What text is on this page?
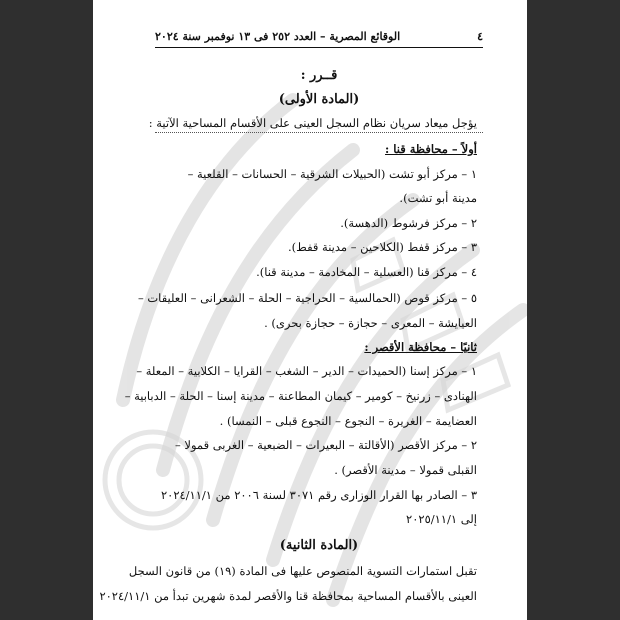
٤
الوقائع المصرية – العدد ٢٥٢ فى ١٣ نوفمبر سنة ٢٠٢٤
قــرر :
(المادة الأولى)
يؤجل ميعاد سريان نظام السجل العينى على الأقسام المساحية الآتية :
أولاً – محافظة قنا :
١ – مركز أبو تشت (الحبيلات الشرقية – الحسانات – القلعية –
مدينة أبو تشت).
٢ – مركز فرشوط (الدهسة).
٣ – مركز قفط (الكلاحين – مدينة قفط).
٤ – مركز قنا (العسلية – المخادمة – مدينة قنا).
٥ – مركز قوص (الحمالسية – الحراجية – الحلة – الشعرانى – العليقات –
العيايشة – المعرى – حجازة – حجازة بحرى) .
ثانيًا – محافظة الأقصر :
١ – مركز إسنا (الحميدات – الدير – الشغب – القرايا – الكلابية – المعلة –
الهنادى – زرنيخ – كومير – كيمان المطاعنة – مدينة إسنا – الحلة – الدبابية –
العضايمة – الغريرة – النجوع – النجوع قبلى – النمسا) .
٢ – مركز الأقصر (الأقالتة – البعيرات – الضبعية – الغربى قمولا –
القبلى قمولا – مدينة الأقصر) .
٣ – الصادر بها القرار الوزارى رقم ٣٠٧١ لسنة ٢٠٠٦ من ٢٠٢٤/١١/١
إلى ٢٠٢٥/١١/١
(المادة الثانية)
تقبل استمارات التسوية المنصوص عليها فى المادة (١٩) من قانون السجل
العينى بالأقسام المساحية بمحافظة قنا والأقصر لمدة شهرين تبدأ من ٢٠٢٤/١١/١
